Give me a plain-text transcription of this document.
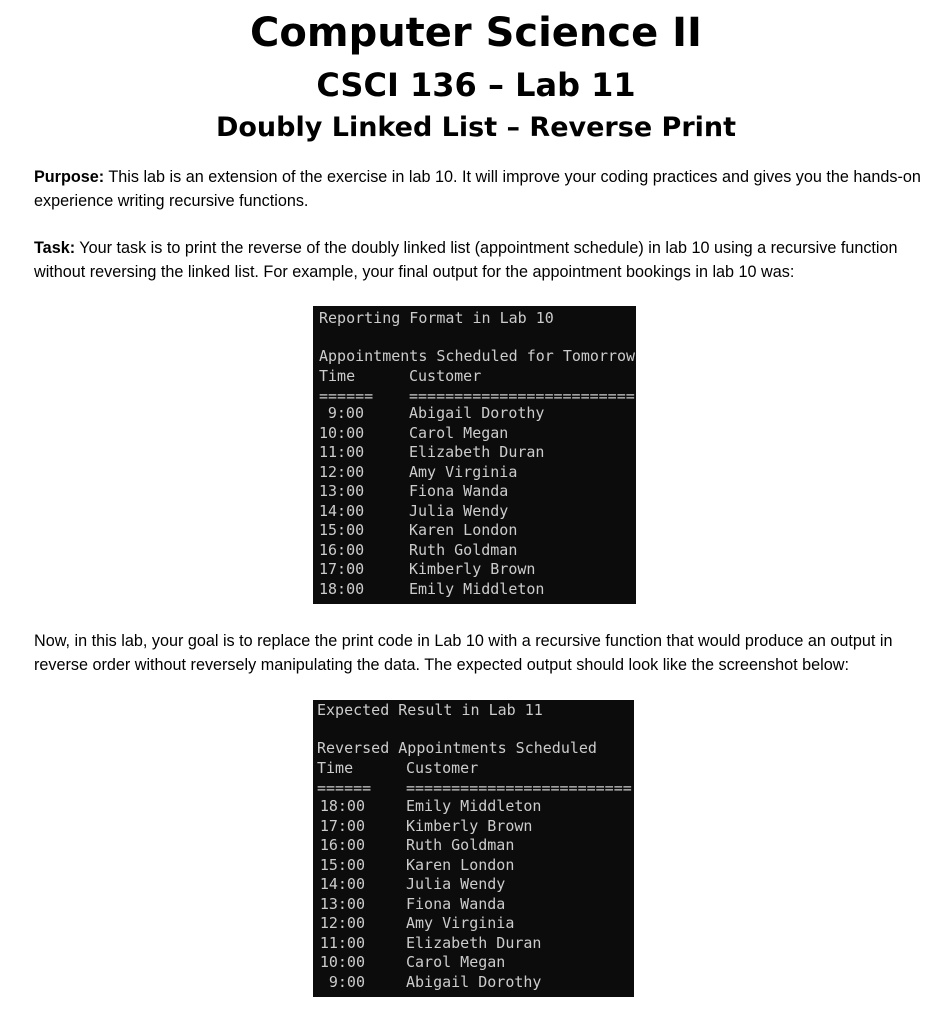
Computer Science II
CSCI 136 – Lab 11
Doubly Linked List – Reverse Print

Purpose: This lab is an extension of the exercise in lab 10. It will improve your coding practices and gives you the hands-on experience writing recursive functions.

Task: Your task is to print the reverse of the doubly linked list (appointment schedule) in lab 10 using a recursive function without reversing the linked list. For example, your final output for the appointment bookings in lab 10 was:

Reporting Format in Lab 10
Appointments Scheduled for Tomorrow
Time	Customer
====== =========================
9:00	Abigail Dorothy
10:00	Carol Megan
11:00	Elizabeth Duran
12:00	Amy Virginia
13:00	Fiona Wanda
14:00	Julia Wendy
15:00	Karen London
16:00	Ruth Goldman
17:00	Kimberly Brown
18:00	Emily Middleton

Now, in this lab, your goal is to replace the print code in Lab 10 with a recursive function that would produce an output in reverse order without reversely manipulating the data. The expected output should look like the screenshot below:

Expected Result in Lab 11
Reversed Appointments Scheduled
Time	Customer
====== =========================
18:00	Emily Middleton
17:00	Kimberly Brown
16:00	Ruth Goldman
15:00	Karen London
14:00	Julia Wendy
13:00	Fiona Wanda
12:00	Amy Virginia
11:00	Elizabeth Duran
10:00	Carol Megan
9:00	Abigail Dorothy
